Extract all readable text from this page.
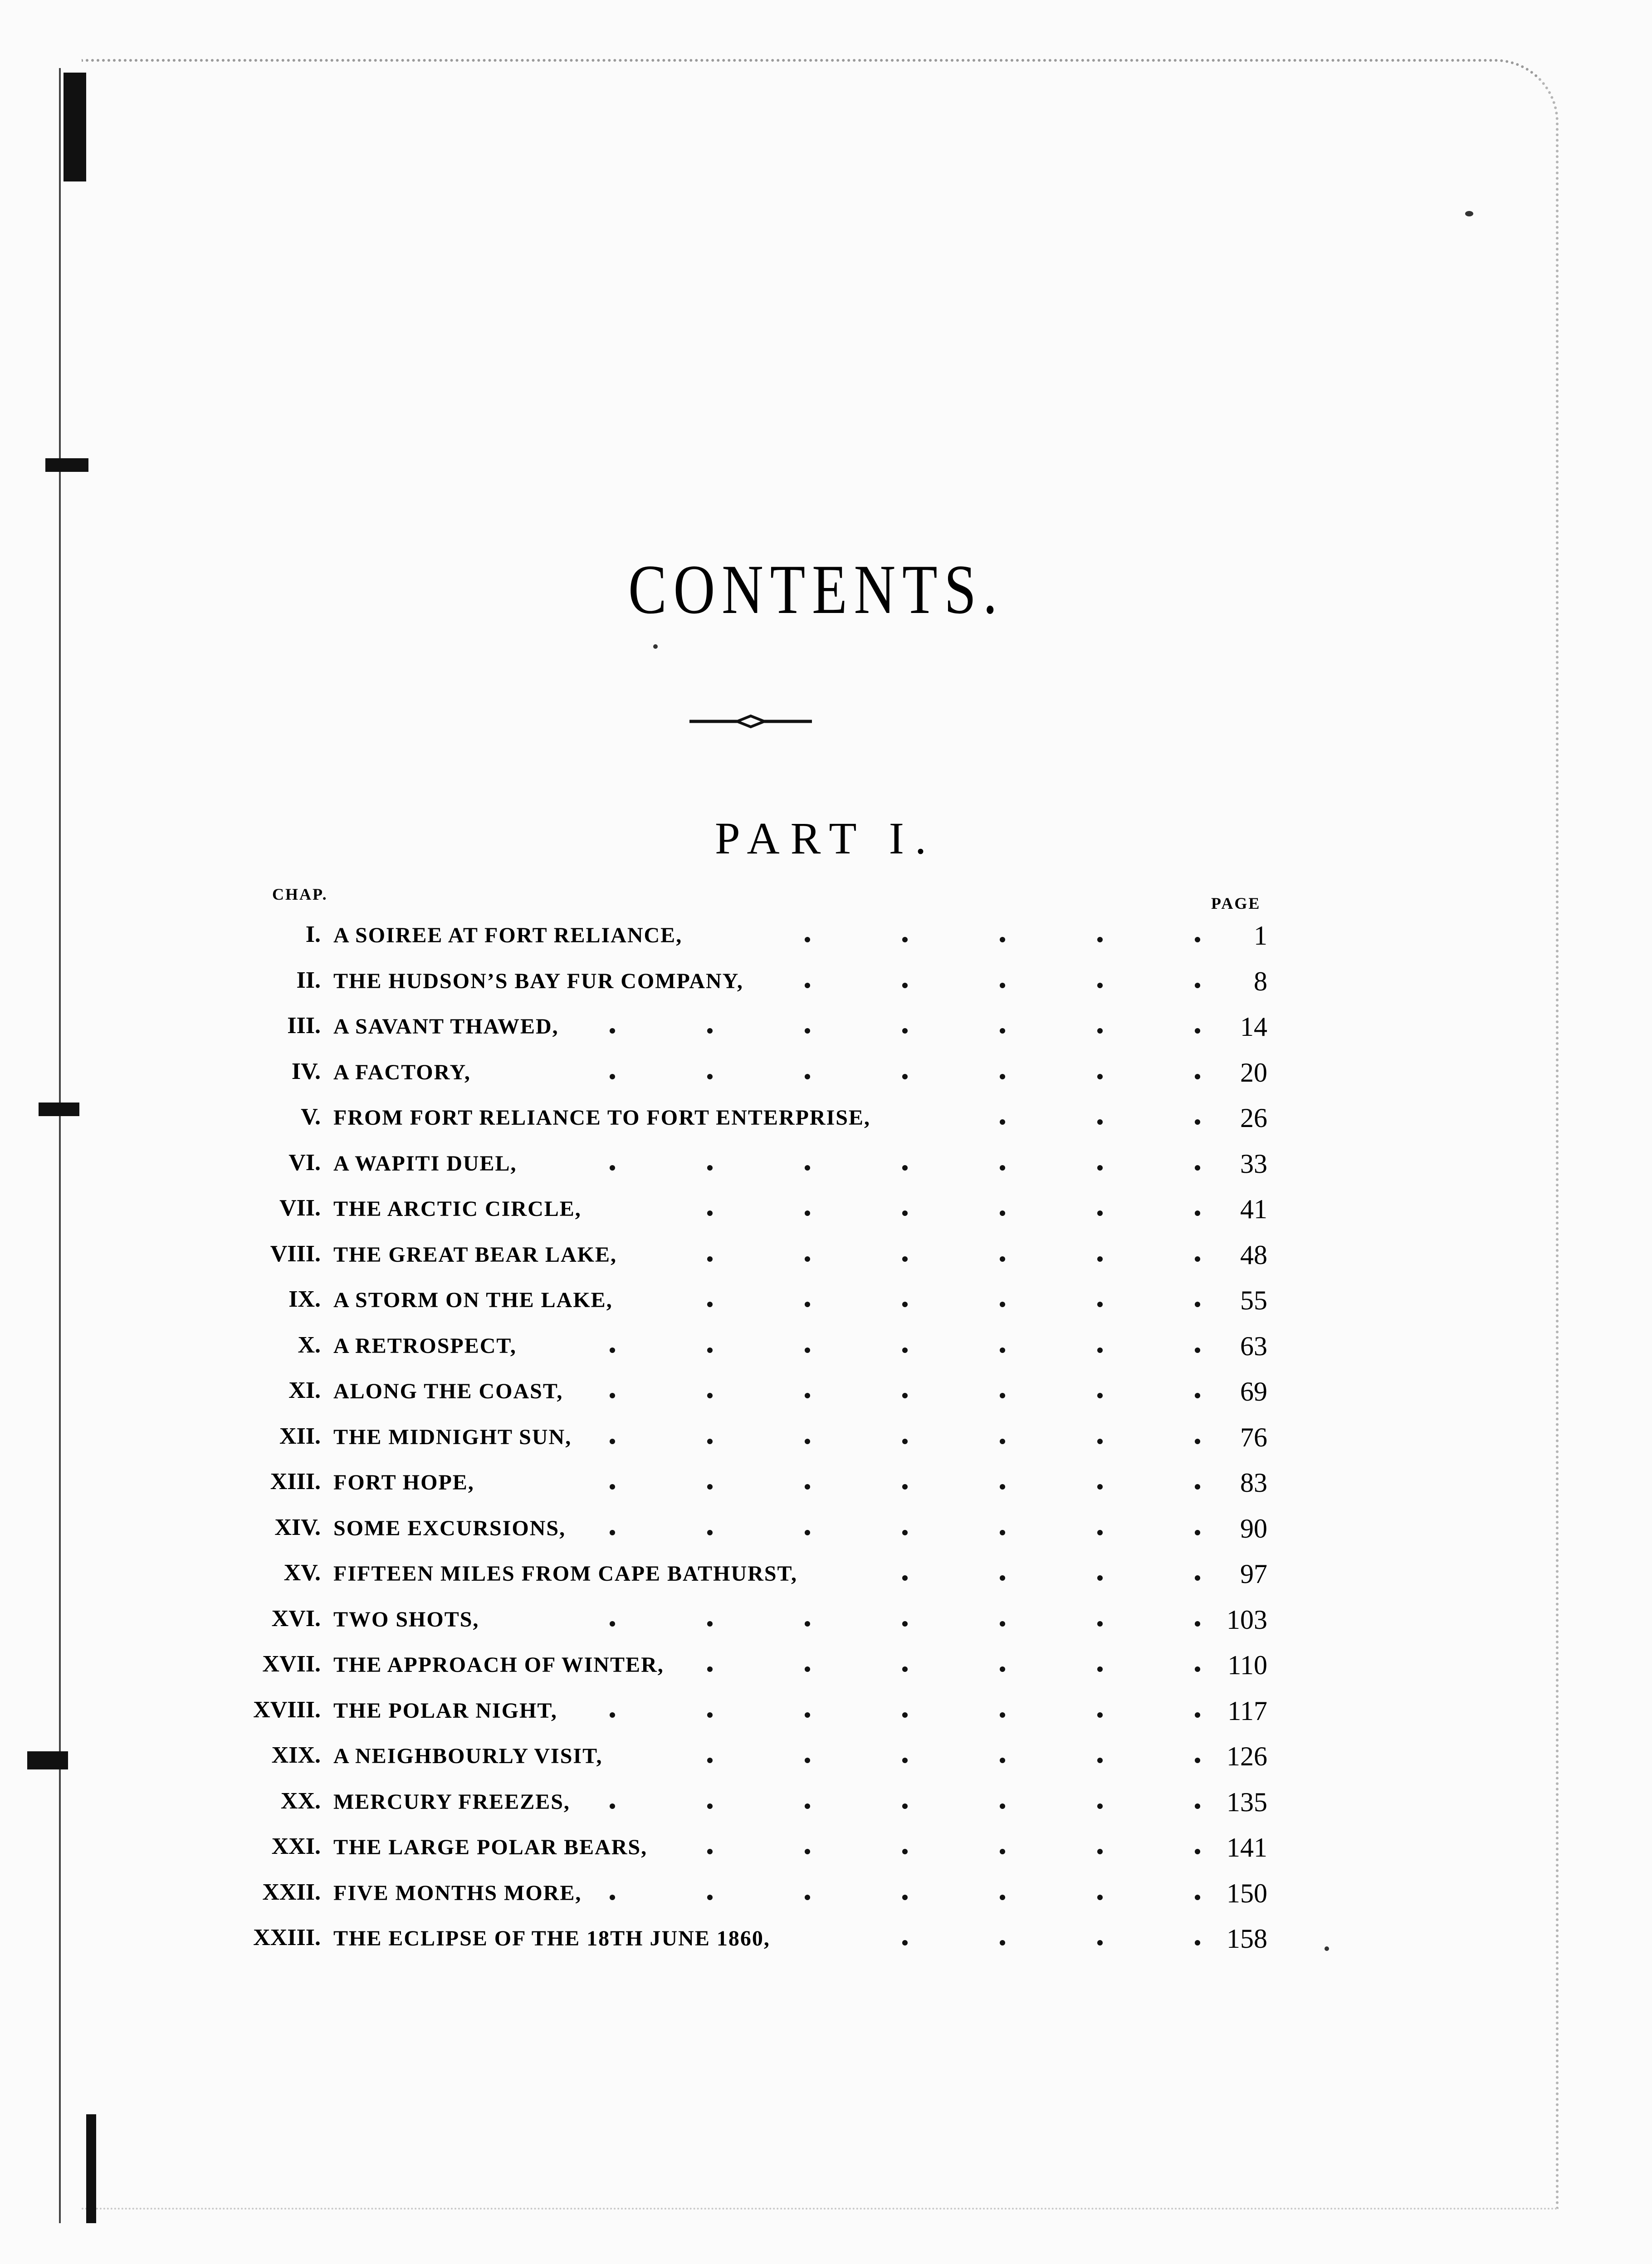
CONTENTS.
PART I.
CHAP.	PAGE
I. A SOIREE AT FORT RELIANCE,	1
II. THE HUDSON’S BAY FUR COMPANY,	8
III. A SAVANT THAWED,	14
IV. A FACTORY,	20
V. FROM FORT RELIANCE TO FORT ENTERPRISE,	26
VI. A WAPITI DUEL,	33
VII. THE ARCTIC CIRCLE,	41
VIII. THE GREAT BEAR LAKE,	48
IX. A STORM ON THE LAKE,	55
X. A RETROSPECT,	63
XI. ALONG THE COAST,	69
XII. THE MIDNIGHT SUN,	76
XIII. FORT HOPE,	83
XIV. SOME EXCURSIONS,	90
XV. FIFTEEN MILES FROM CAPE BATHURST,	97
XVI. TWO SHOTS,	103
XVII. THE APPROACH OF WINTER,	110
XVIII. THE POLAR NIGHT,	117
XIX. A NEIGHBOURLY VISIT,	126
XX. MERCURY FREEZES,	135
XXI. THE LARGE POLAR BEARS,	141
XXII. FIVE MONTHS MORE,	150
XXIII. THE ECLIPSE OF THE 18TH JUNE 1860,	158
